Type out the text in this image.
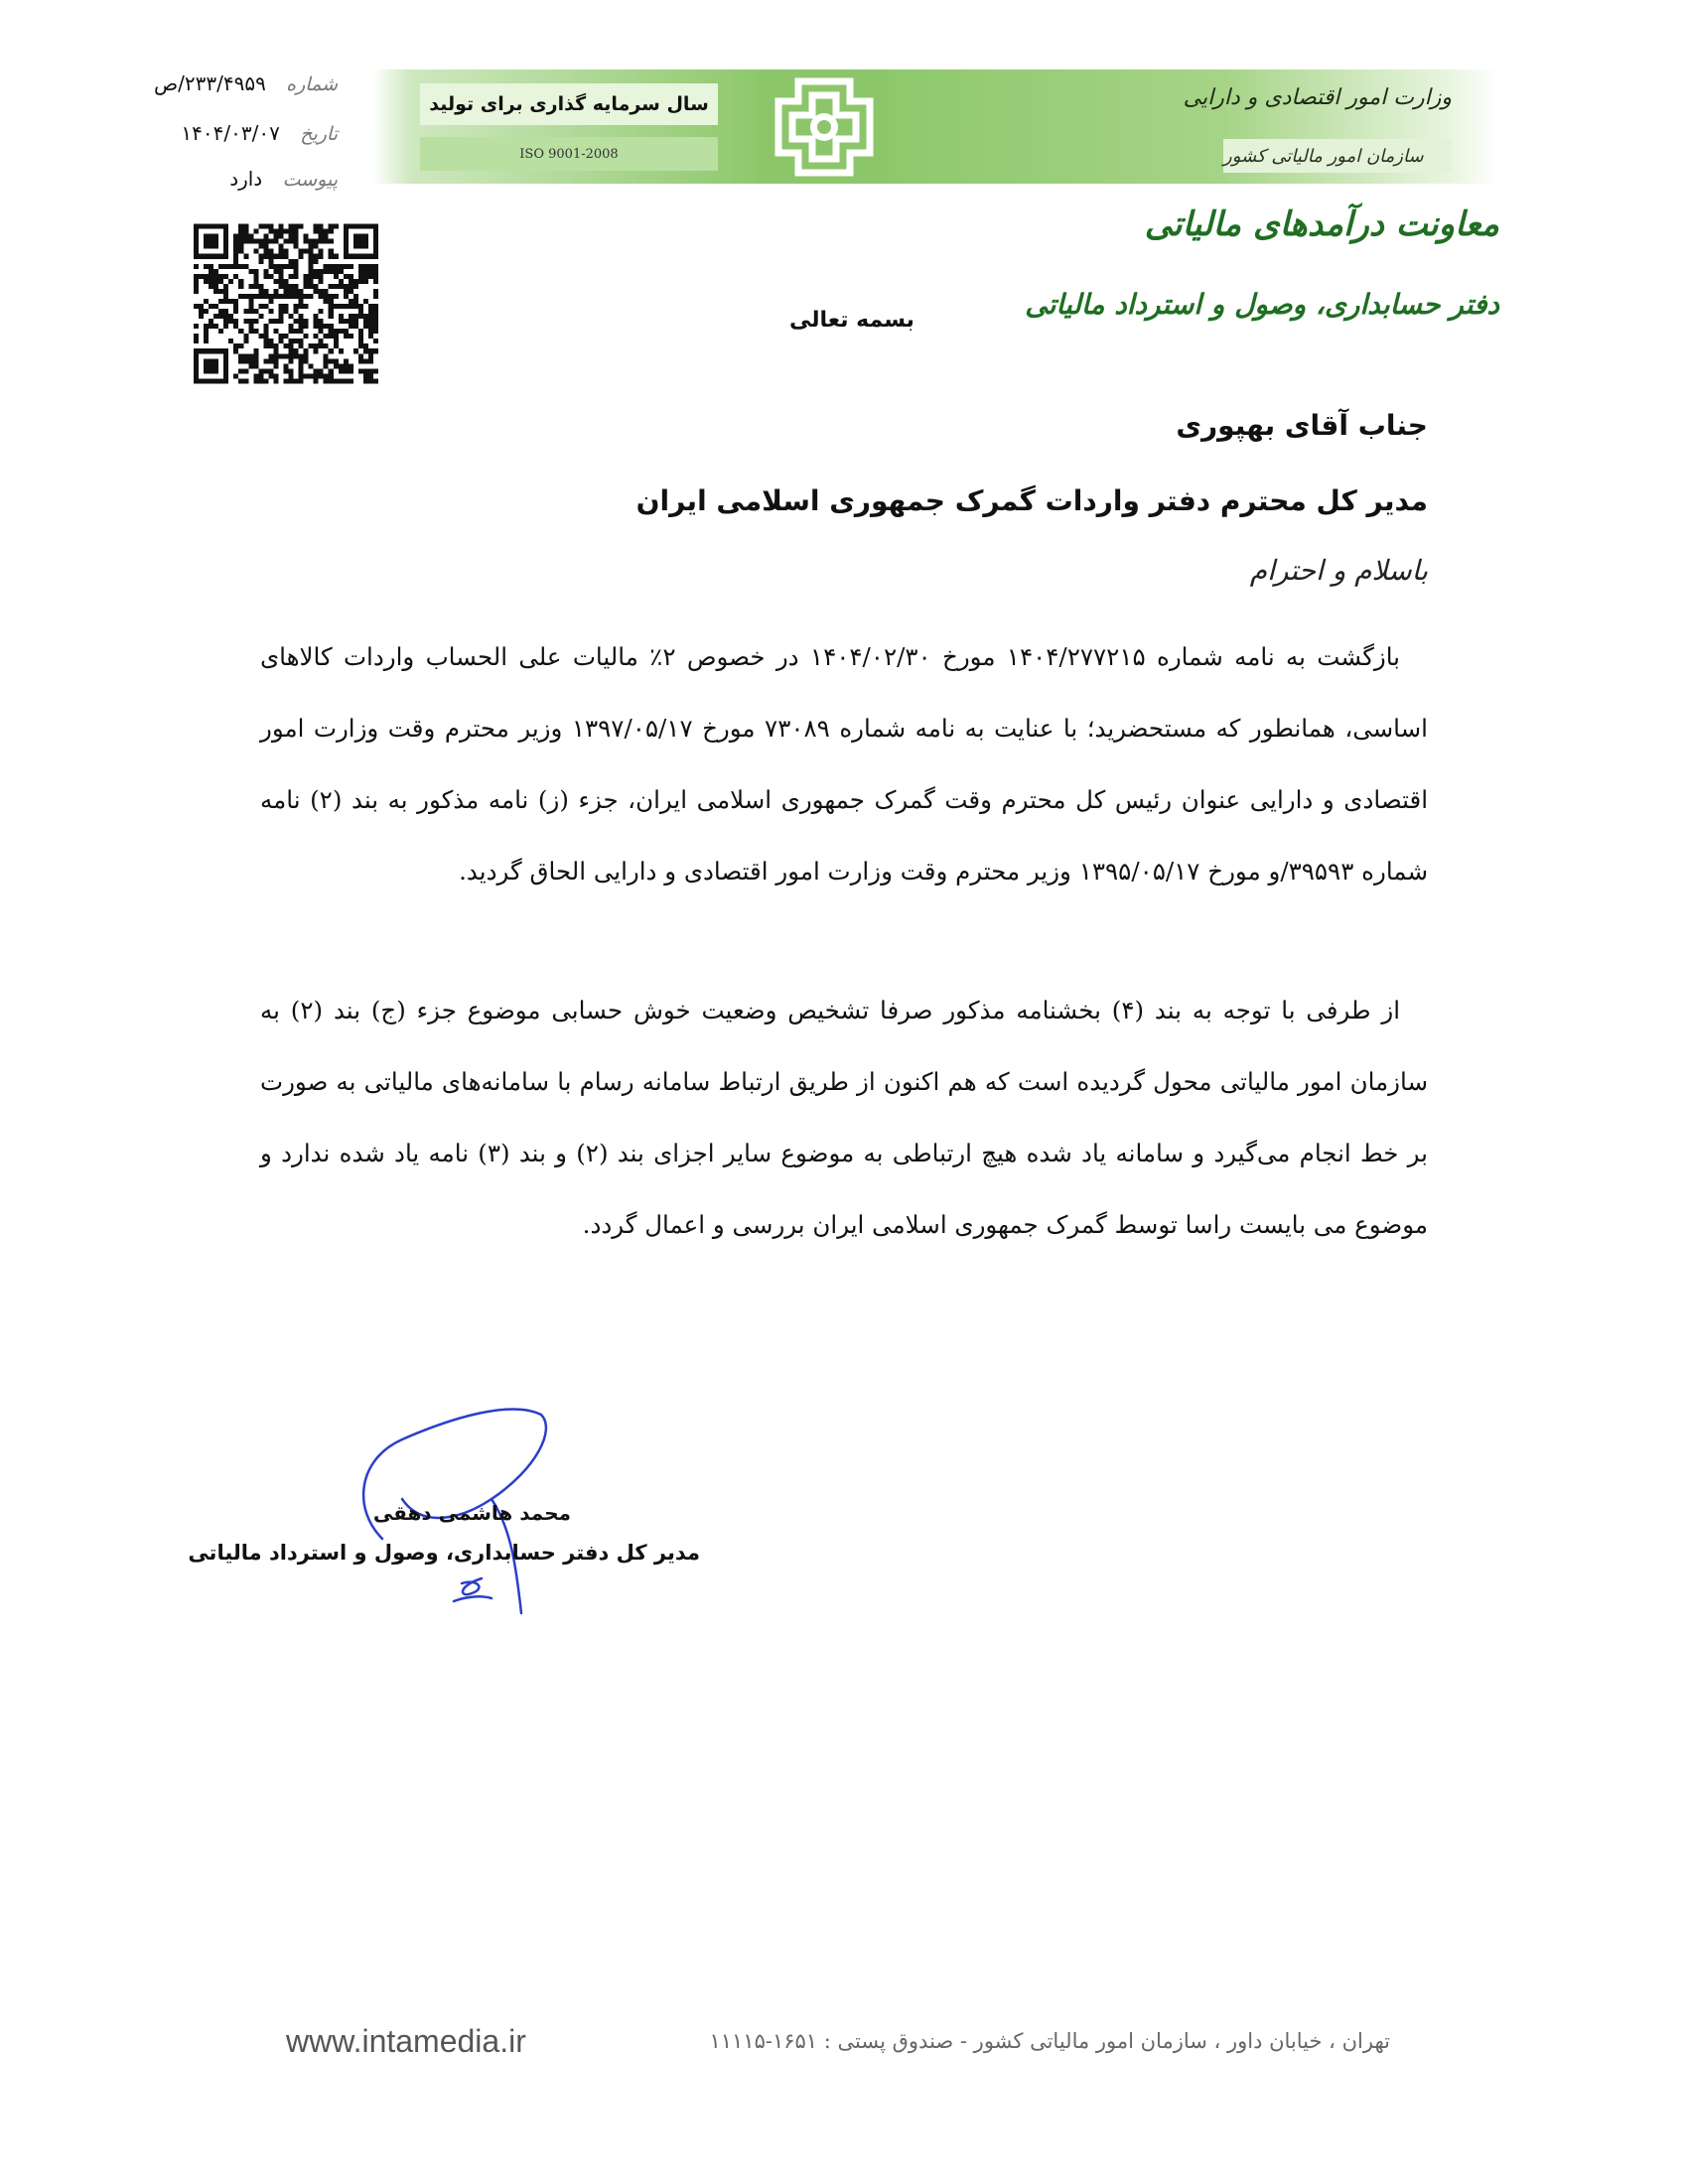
سال سرمایه گذاری برای تولید
ISO 9001-2008
وزارت امور اقتصادی و دارایی
سازمان امور مالیاتی کشور
شماره ۲۳۳/۴۹۵۹/ص
تاریخ ۱۴۰۴/۰۳/۰۷
پیوست دارد
معاونت درآمدهای مالیاتی
دفتر حسابداری، وصول و استرداد مالیاتی
بسمه تعالی
جناب آقای بهپوری
مدیر کل محترم دفتر واردات گمرک جمهوری اسلامی ایران
باسلام و احترام
بازگشت به نامه شماره ۱۴۰۴/۲۷۷۲۱۵ مورخ ۱۴۰۴/۰۲/۳۰ در خصوص ۲٪ مالیات علی الحساب واردات کالاهای اساسی، همانطور که مستحضرید؛ با عنایت به نامه شماره ۷۳۰۸۹ مورخ ۱۳۹۷/۰۵/۱۷ وزیر محترم وقت وزارت امور اقتصادی و دارایی عنوان رئیس کل محترم وقت گمرک جمهوری اسلامی ایران، جزء (ز) نامه مذکور به بند (۲) نامه شماره ۳۹۵۹۳/و مورخ ۱۳۹۵/۰۵/۱۷ وزیر محترم وقت وزارت امور اقتصادی و دارایی الحاق گردید.
از طرفی با توجه به بند (۴) بخشنامه مذکور صرفا تشخیص وضعیت خوش حسابی موضوع جزء (ج) بند (۲) به سازمان امور مالیاتی محول گردیده است که هم اکنون از طریق ارتباط سامانه رسام با سامانه‌های مالیاتی به صورت بر خط انجام می‌گیرد و سامانه یاد شده هیچ ارتباطی به موضوع سایر اجزای بند (۲) و بند (۳) نامه یاد شده ندارد و موضوع می بایست راسا توسط گمرک جمهوری اسلامی ایران بررسی و اعمال گردد.
محمد هاشمی دهقی
مدیر کل دفتر حسابداری، وصول و استرداد مالیاتی
www.intamedia.ir	تهران ، خیابان داور ، سازمان امور مالیاتی کشور - صندوق پستی : ۱۶۵۱-۱۱۱۱۵
